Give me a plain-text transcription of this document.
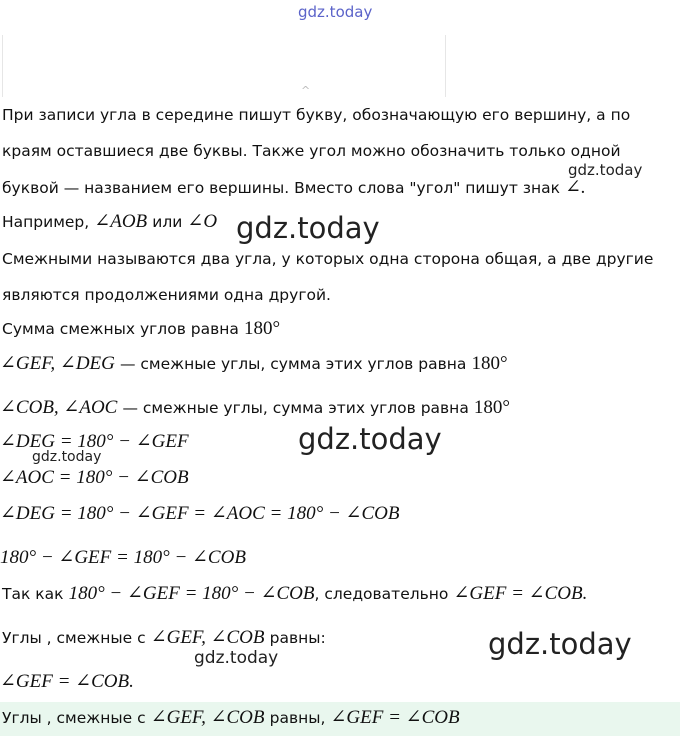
^
gdz.today
При записи угла в середине пишут букву, обозначающую его вершину, а по
краям оставшиеся две буквы. Также угол можно обозначить только одной
буквой — названием его вершины. Вместо слова "угол" пишут знак ∠.
gdz.today
Например, ∠AOB или ∠O gdz.today
Смежными называются два угла, у которых одна сторона общая, а две другие
являются продолжениями одна другой.
Сумма смежных углов равна 180°
∠GEF, ∠DEG — смежные углы, сумма этих углов равна 180°
∠COB, ∠AOC — смежные углы, сумма этих углов равна 180°
∠DEG = 180° − ∠GEF	gdz.today
gdz.today
∠AOC = 180° − ∠COB
∠DEG = 180° − ∠GEF = ∠AOC = 180° − ∠COB
180° − ∠GEF = 180° − ∠COB
Так как 180° − ∠GEF = 180° − ∠COB, следовательно ∠GEF = ∠COB.
Углы , смежные с ∠GEF, ∠COB равны:
gdz.today	gdz.today
∠GEF = ∠COB.
Углы , смежные с ∠GEF, ∠COB равны, ∠GEF = ∠COB
